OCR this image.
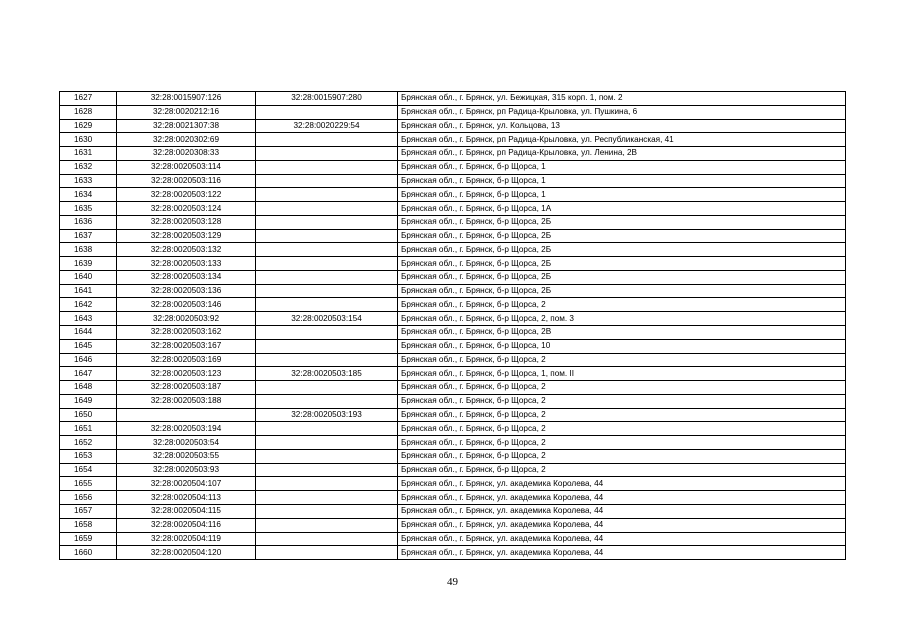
1627	32:28:0015907:126	32:28:0015907:280	Брянская обл., г. Брянск, ул. Бежицкая, 315 корп. 1, пом. 2
1628	32:28:0020212:16		Брянская обл., г. Брянск, рп Радица-Крыловка, ул. Пушкина, 6
1629	32:28:0021307:38	32:28:0020229:54	Брянская обл., г. Брянск, ул. Кольцова, 13
1630	32:28:0020302:69		Брянская обл., г. Брянск, рп Радица-Крыловка, ул. Республиканская, 41
1631	32:28:0020308:33		Брянская обл., г. Брянск, рп Радица-Крыловка, ул. Ленина, 2В
1632	32:28:0020503:114		Брянская обл., г. Брянск, б-р Щорса, 1
1633	32:28:0020503:116		Брянская обл., г. Брянск, б-р Щорса, 1
1634	32:28:0020503:122		Брянская обл., г. Брянск, б-р Щорса, 1
1635	32:28:0020503:124		Брянская обл., г. Брянск, б-р Щорса, 1А
1636	32:28:0020503:128		Брянская обл., г. Брянск, б-р Щорса, 2Б
1637	32:28:0020503:129		Брянская обл., г. Брянск, б-р Щорса, 2Б
1638	32:28:0020503:132		Брянская обл., г. Брянск, б-р Щорса, 2Б
1639	32:28:0020503:133		Брянская обл., г. Брянск, б-р Щорса, 2Б
1640	32:28:0020503:134		Брянская обл., г. Брянск, б-р Щорса, 2Б
1641	32:28:0020503:136		Брянская обл., г. Брянск, б-р Щорса, 2Б
1642	32:28:0020503:146		Брянская обл., г. Брянск, б-р Щорса, 2
1643	32:28:0020503:92	32:28:0020503:154	Брянская обл., г. Брянск, б-р Щорса, 2, пом. 3
1644	32:28:0020503:162		Брянская обл., г. Брянск, б-р Щорса, 2В
1645	32:28:0020503:167		Брянская обл., г. Брянск, б-р Щорса, 10
1646	32:28:0020503:169		Брянская обл., г. Брянск, б-р Щорса, 2
1647	32:28:0020503:123	32:28:0020503:185	Брянская обл., г. Брянск, б-р Щорса, 1, пом. II
1648	32:28:0020503:187		Брянская обл., г. Брянск, б-р Щорса, 2
1649	32:28:0020503:188		Брянская обл., г. Брянск, б-р Щорса, 2
1650		32:28:0020503:193	Брянская обл., г. Брянск, б-р Щорса, 2
1651	32:28:0020503:194		Брянская обл., г. Брянск, б-р Щорса, 2
1652	32:28:0020503:54		Брянская обл., г. Брянск, б-р Щорса, 2
1653	32:28:0020503:55		Брянская обл., г. Брянск, б-р Щорса, 2
1654	32:28:0020503:93		Брянская обл., г. Брянск, б-р Щорса, 2
1655	32:28:0020504:107		Брянская обл., г. Брянск, ул. академика Королева, 44
1656	32:28:0020504:113		Брянская обл., г. Брянск, ул. академика Королева, 44
1657	32:28:0020504:115		Брянская обл., г. Брянск, ул. академика Королева, 44
1658	32:28:0020504:116		Брянская обл., г. Брянск, ул. академика Королева, 44
1659	32:28:0020504:119		Брянская обл., г. Брянск, ул. академика Королева, 44
1660	32:28:0020504:120		Брянская обл., г. Брянск, ул. академика Королева, 44
49
